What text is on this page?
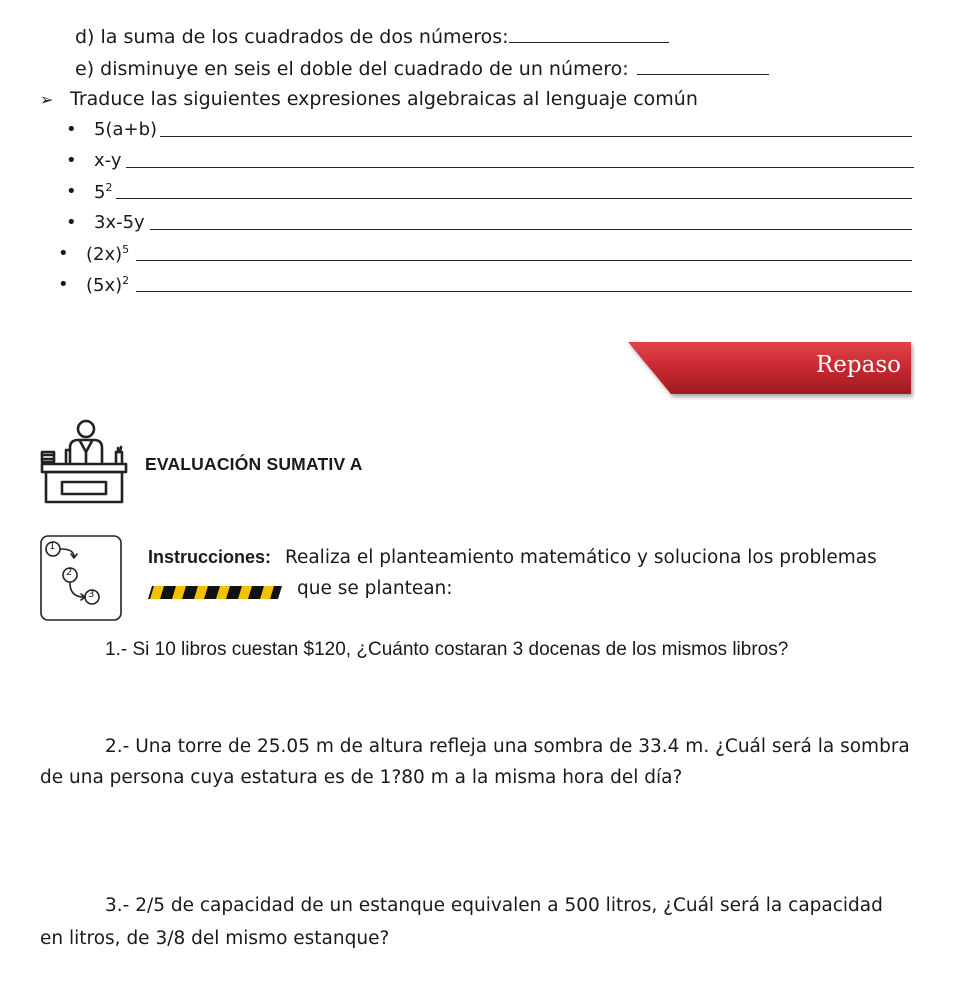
d) la suma de los cuadrados de dos números:
e) disminuye en seis el doble del cuadrado de un número:
➢ Traduce las siguientes expresiones algebraicas al lenguaje común
• 5(a+b)
• x-y
• $5^2$
• 3x-5y
• $(2x)^5$
• $(5x)^2$
Repaso
EVALUACIÓN SUMATIV A
1
2
3
Instrucciones: Realiza el planteamiento matemático y soluciona los problemas
que se plantean:
1.- Si 10 libros cuestan $120, ¿Cuánto costaran 3 docenas de los mismos libros?
2.- Una torre de 25.05 m de altura refleja una sombra de 33.4 m. ¿Cuál será la sombra
de una persona cuya estatura es de 1?80 m a la misma hora del día?
3.- 2/5 de capacidad de un estanque equivalen a 500 litros, ¿Cuál será la capacidad
en litros, de 3/8 del mismo estanque?
